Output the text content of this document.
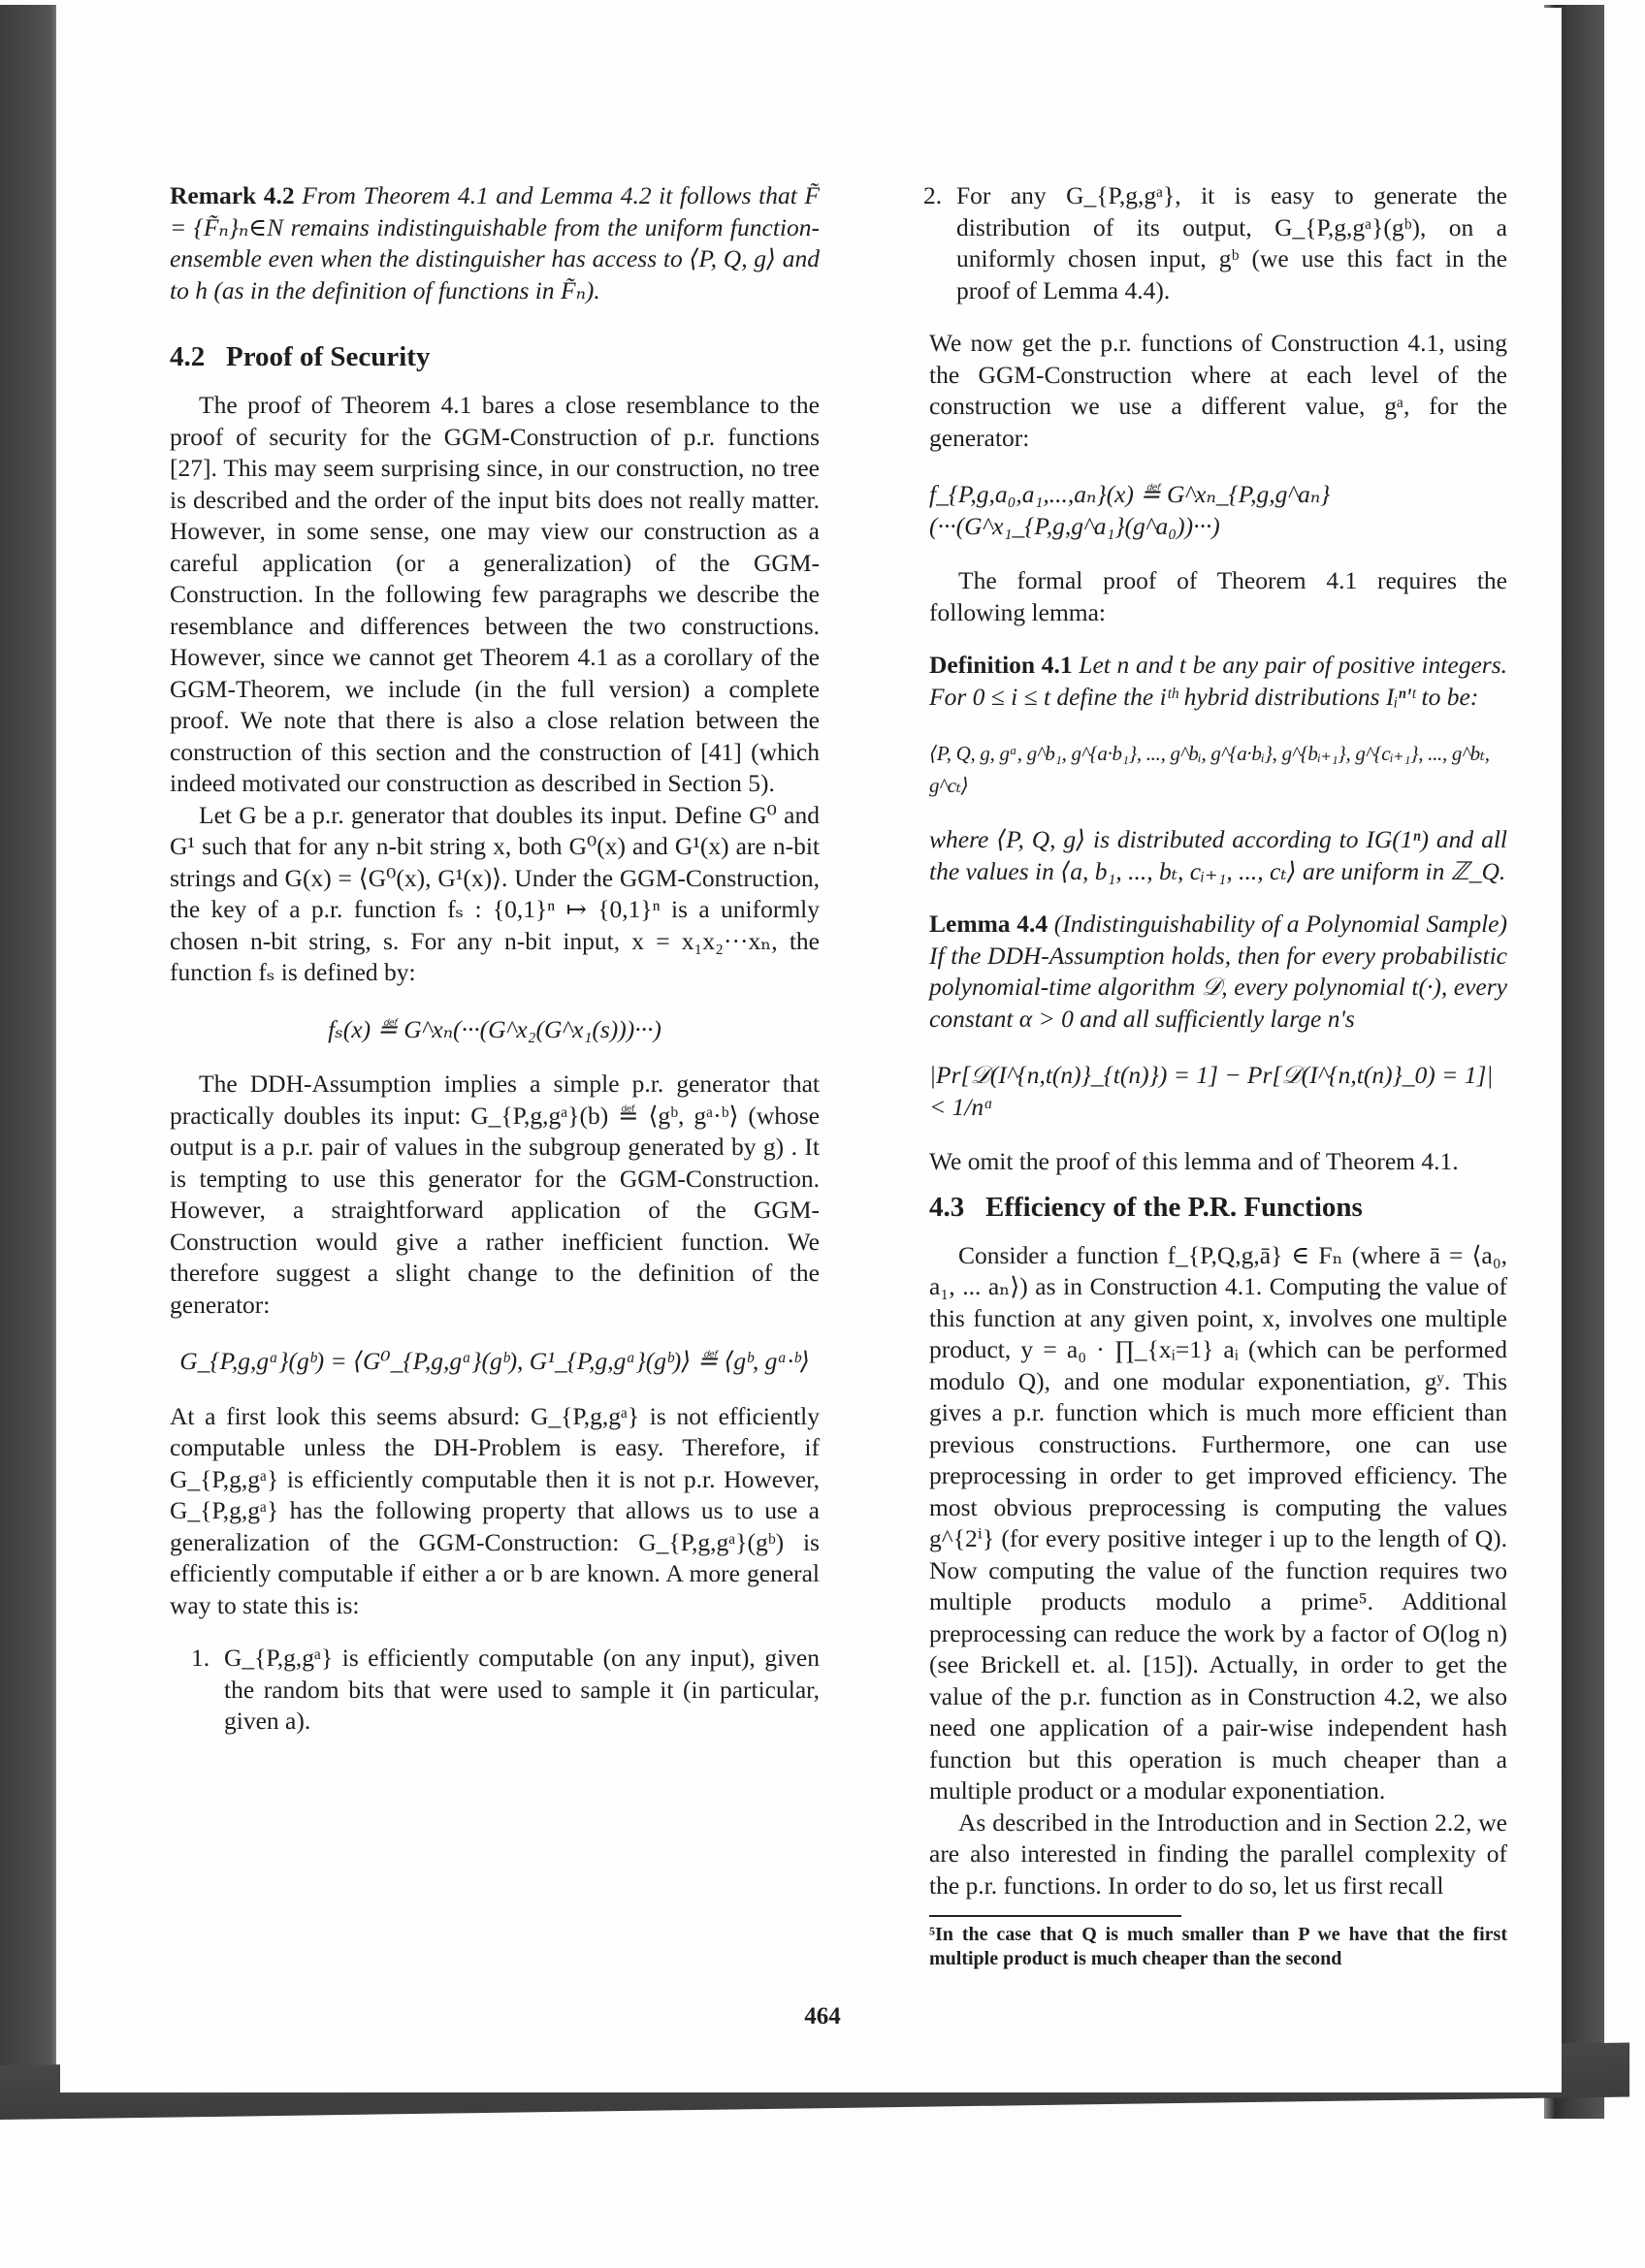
Remark 4.2 From Theorem 4.1 and Lemma 4.2 it follows that F̃ = {F̃ₙ}ₙ∈N remains indistinguishable from the uniform function-ensemble even when the distinguisher has access to ⟨P, Q, g⟩ and to h (as in the definition of functions in F̃ₙ).

4.2 Proof of Security

The proof of Theorem 4.1 bares a close resemblance to the proof of security for the GGM-Construction of p.r. functions [27]. This may seem surprising since, in our construction, no tree is described and the order of the input bits does not really matter. However, in some sense, one may view our construction as a careful application (or a generalization) of the GGM-Construction. In the following few paragraphs we describe the resemblance and differences between the two constructions. However, since we cannot get Theorem 4.1 as a corollary of the GGM-Theorem, we include (in the full version) a complete proof. We note that there is also a close relation between the construction of this section and the construction of [41] (which indeed motivated our construction as described in Section 5).

Let G be a p.r. generator that doubles its input. Define G⁰ and G¹ such that for any n-bit string x, both G⁰(x) and G¹(x) are n-bit strings and G(x) = ⟨G⁰(x), G¹(x)⟩. Under the GGM-Construction, the key of a p.r. function fₛ : {0,1}ⁿ ↦ {0,1}ⁿ is a uniformly chosen n-bit string, s. For any n-bit input, x = x₁x₂···xₙ, the function fₛ is defined by:

fₛ(x) ≝ G^xₙ(···(G^x₂(G^x₁(s)))···)

The DDH-Assumption implies a simple p.r. generator that practically doubles its input: G_{P,g,gᵃ}(b) ≝ ⟨gᵇ, gᵃ·ᵇ⟩ (whose output is a p.r. pair of values in the subgroup generated by g) . It is tempting to use this generator for the GGM-Construction. However, a straightforward application of the GGM-Construction would give a rather inefficient function. We therefore suggest a slight change to the definition of the generator:

G_{P,g,gᵃ}(gᵇ) = ⟨G⁰_{P,g,gᵃ}(gᵇ), G¹_{P,g,gᵃ}(gᵇ)⟩ ≝ ⟨gᵇ, gᵃ·ᵇ⟩

At a first look this seems absurd: G_{P,g,gᵃ} is not efficiently computable unless the DH-Problem is easy. Therefore, if G_{P,g,gᵃ} is efficiently computable then it is not p.r. However, G_{P,g,gᵃ} has the following property that allows us to use a generalization of the GGM-Construction: G_{P,g,gᵃ}(gᵇ) is efficiently computable if either a or b are known. A more general way to state this is:

1. G_{P,g,gᵃ} is efficiently computable (on any input), given the random bits that were used to sample it (in particular, given a).
2. For any G_{P,g,gᵃ}, it is easy to generate the distribution of its output, G_{P,g,gᵃ}(gᵇ), on a uniformly chosen input, gᵇ (we use this fact in the proof of Lemma 4.4).

We now get the p.r. functions of Construction 4.1, using the GGM-Construction where at each level of the construction we use a different value, gᵃ, for the generator:

f_{P,g,a₀,a₁,...,aₙ}(x) ≝ G^xₙ_{P,g,g^aₙ}(···(G^x₁_{P,g,g^a₁}(g^a₀))···)

The formal proof of Theorem 4.1 requires the following lemma:

Definition 4.1 Let n and t be any pair of positive integers. For 0 ≤ i ≤ t define the iᵗʰ hybrid distributions Iᵢⁿ'ᵗ to be:

⟨P, Q, g, gᵃ, g^b₁, g^{a·b₁}, ..., g^bᵢ, g^{a·bᵢ}, g^{bᵢ₊₁}, g^{cᵢ₊₁}, ..., g^bₜ, g^cₜ⟩

where ⟨P, Q, g⟩ is distributed according to IG(1ⁿ) and all the values in ⟨a, b₁, ..., bₜ, cᵢ₊₁, ..., cₜ⟩ are uniform in ℤ_Q.

Lemma 4.4 (Indistinguishability of a Polynomial Sample) If the DDH-Assumption holds, then for every probabilistic polynomial-time algorithm 𝒟, every polynomial t(·), every constant α > 0 and all sufficiently large n's

|Pr[𝒟(I^{n,t(n)}_{t(n)}) = 1] − Pr[𝒟(I^{n,t(n)}_0) = 1]| < 1/nᵅ

We omit the proof of this lemma and of Theorem 4.1.

4.3 Efficiency of the P.R. Functions

Consider a function f_{P,Q,g,ā} ∈ Fₙ (where ā = ⟨a₀, a₁, ... aₙ⟩) as in Construction 4.1. Computing the value of this function at any given point, x, involves one multiple product, y = a₀ · ∏_{xᵢ=1} aᵢ (which can be performed modulo Q), and one modular exponentiation, gʸ. This gives a p.r. function which is much more efficient than previous constructions. Furthermore, one can use preprocessing in order to get improved efficiency. The most obvious preprocessing is computing the values g^{2ⁱ} (for every positive integer i up to the length of Q). Now computing the value of the function requires two multiple products modulo a prime⁵. Additional preprocessing can reduce the work by a factor of O(log n) (see Brickell et. al. [15]). Actually, in order to get the value of the p.r. function as in Construction 4.2, we also need one application of a pair-wise independent hash function but this operation is much cheaper than a multiple product or a modular exponentiation.

As described in the Introduction and in Section 2.2, we are also interested in finding the parallel complexity of the p.r. functions. In order to do so, let us first recall

⁵In the case that Q is much smaller than P we have that the first multiple product is much cheaper than the second

464
